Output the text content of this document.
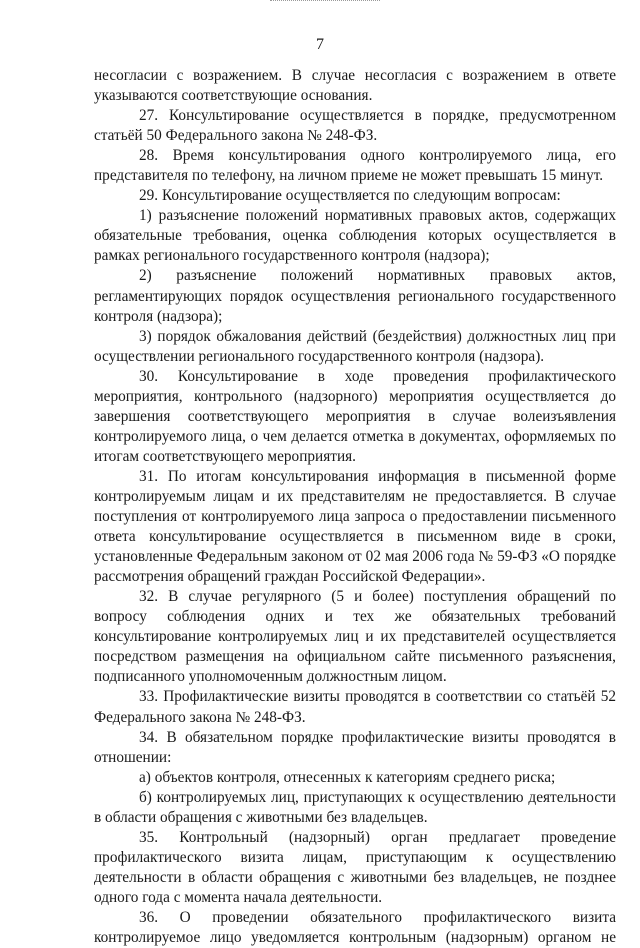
7

несогласии с возражением. В случае несогласия с возражением в ответе указываются соответствующие основания.

27. Консультирование осуществляется в порядке, предусмотренном статьёй 50 Федерального закона № 248-ФЗ.

28. Время консультирования одного контролируемого лица, его представителя по телефону, на личном приеме не может превышать 15 минут.

29. Консультирование осуществляется по следующим вопросам:

1) разъяснение положений нормативных правовых актов, содержащих обязательные требования, оценка соблюдения которых осуществляется в рамках регионального государственного контроля (надзора);

2) разъяснение положений нормативных правовых актов, регламентирующих порядок осуществления регионального государственного контроля (надзора);

3) порядок обжалования действий (бездействия) должностных лиц при осуществлении регионального государственного контроля (надзора).

30. Консультирование в ходе проведения профилактического мероприятия, контрольного (надзорного) мероприятия осуществляется до завершения соответствующего мероприятия в случае волеизъявления контролируемого лица, о чем делается отметка в документах, оформляемых по итогам соответствующего мероприятия.

31. По итогам консультирования информация в письменной форме контролируемым лицам и их представителям не предоставляется. В случае поступления от контролируемого лица запроса о предоставлении письменного ответа консультирование осуществляется в письменном виде в сроки, установленные Федеральным законом от 02 мая 2006 года № 59-ФЗ «О порядке рассмотрения обращений граждан Российской Федерации».

32. В случае регулярного (5 и более) поступления обращений по вопросу соблюдения одних и тех же обязательных требований консультирование контролируемых лиц и их представителей осуществляется посредством размещения на официальном сайте письменного разъяснения, подписанного уполномоченным должностным лицом.

33. Профилактические визиты проводятся в соответствии со статьёй 52 Федерального закона № 248-ФЗ.

34. В обязательном порядке профилактические визиты проводятся в отношении:

а) объектов контроля, отнесенных к категориям среднего риска;

б) контролируемых лиц, приступающих к осуществлению деятельности в области обращения с животными без владельцев.

35. Контрольный (надзорный) орган предлагает проведение профилактического визита лицам, приступающим к осуществлению деятельности в области обращения с животными без владельцев, не позднее одного года с момента начала деятельности.

36. О проведении обязательного профилактического визита контролируемое лицо уведомляется контрольным (надзорным) органом не
